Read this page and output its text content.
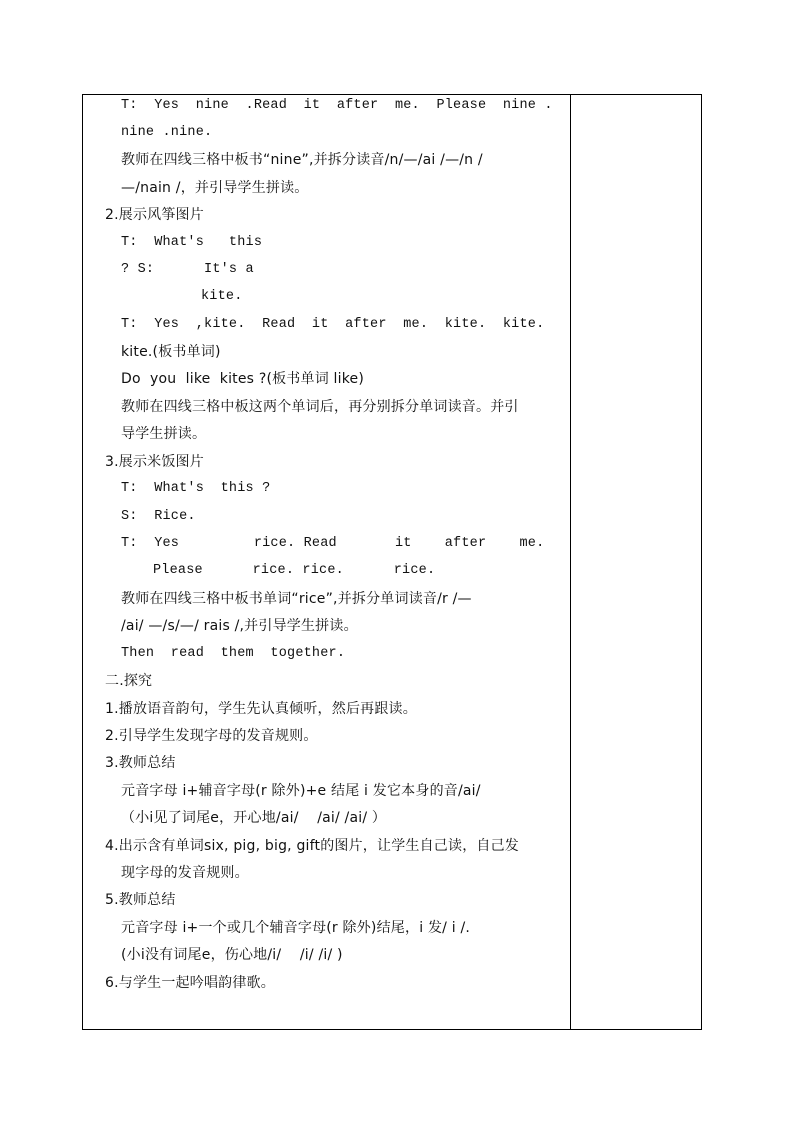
T:  Yes  nine  .Read  it  after  me.  Please  nine .
nine .nine.
教师在四线三格中板书“nine”,并拆分读音/n/—/ai /—/n /
—/nain /，并引导学生拼读。
2.展示风筝图片
T:  What's   this
? S:      It's a
kite.
T:  Yes  ,kite.  Read  it  after  me.  kite.  kite.
kite.(板书单词)
Do  you  like  kites ?(板书单词 like)
教师在四线三格中板这两个单词后，再分别拆分单词读音。并引
导学生拼读。
3.展示米饭图片
T:  What's  this ?
S:  Rice.
T:  Yes         rice. Read       it    after    me.
Please      rice. rice.      rice.
教师在四线三格中板书单词“rice”,并拆分单词读音/r /—
/ai/ —/s/—/ rais /,并引导学生拼读。
Then  read  them  together.
二.探究
1.播放语音韵句，学生先认真倾听，然后再跟读。
2.引导学生发现字母的发音规则。
3.教师总结
元音字母 i+辅音字母(r 除外)+e 结尾 i 发它本身的音/ai/
（小i见了词尾e，开心地/ai/    /ai/ /ai/ ）
4.出示含有单词six, pig, big, gift的图片，让学生自己读，自己发
现字母的发音规则。
5.教师总结
元音字母 i+一个或几个辅音字母(r 除外)结尾，i 发/ i /.
(小i没有词尾e，伤心地/i/    /i/ /i/ )
6.与学生一起吟唱韵律歌。
